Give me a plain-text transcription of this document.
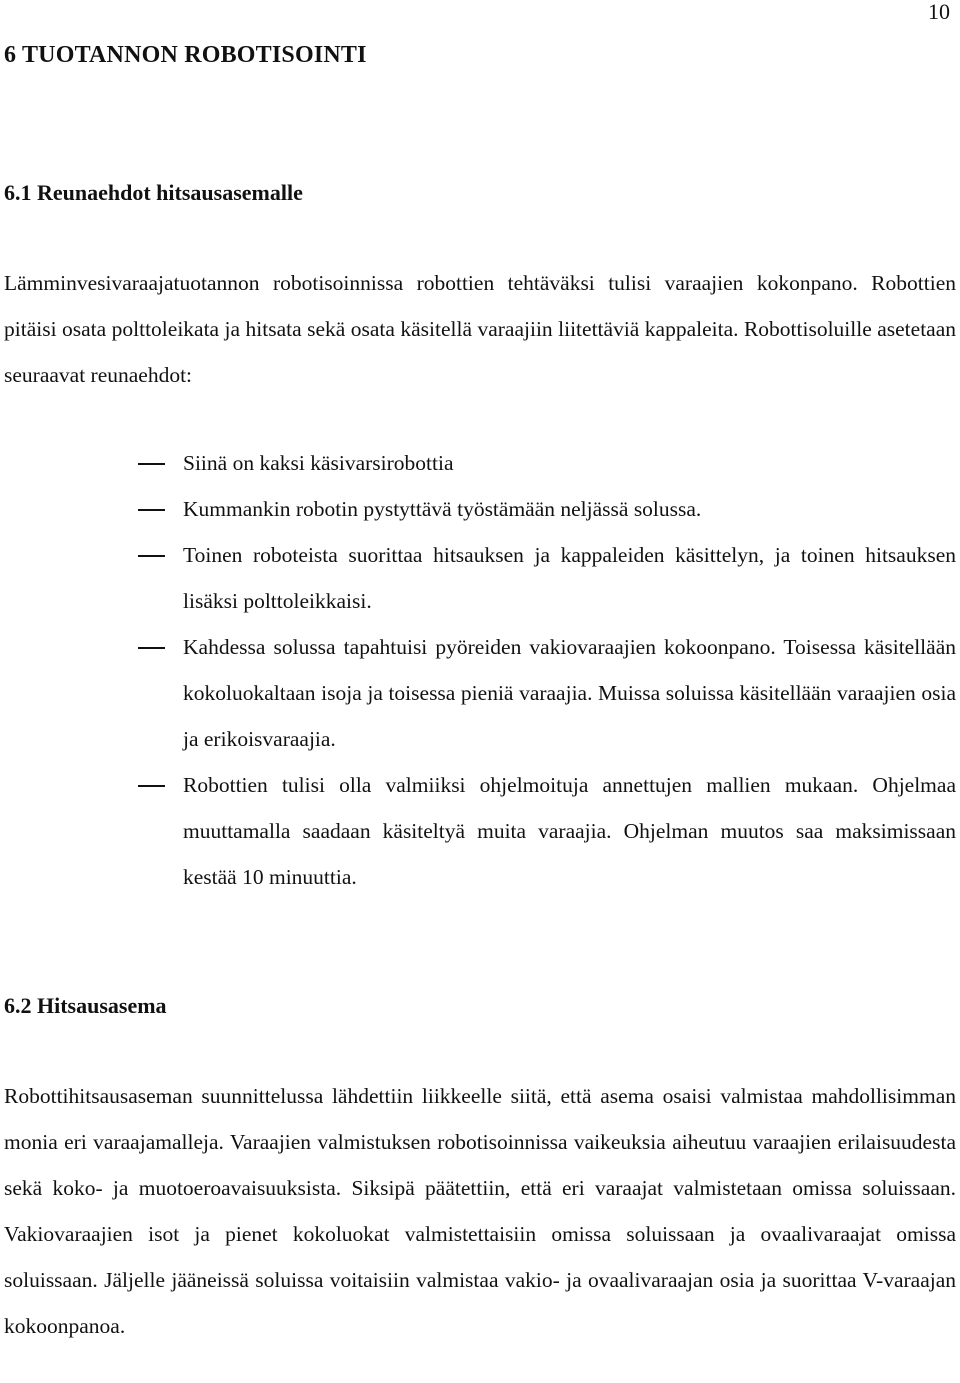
10
6 TUOTANNON ROBOTISOINTI
6.1 Reunaehdot hitsausasemalle

Lämminvesivaraajatuotannon robotisoinnissa robottien tehtäväksi tulisi varaajien kokonpano. Robottien pitäisi osata polttoleikata ja hitsata sekä osata käsitellä varaajiin liitettäviä kappaleita. Robottisoluille asetetaan seuraavat reunaehdot:

Siinä on kaksi käsivarsirobottia
Kummankin robotin pystyttävä työstämään neljässä solussa.
Toinen roboteista suorittaa hitsauksen ja kappaleiden käsittelyn, ja toinen hitsauksen lisäksi polttoleikkaisi.
Kahdessa solussa tapahtuisi pyöreiden vakiovaraajien kokoonpano. Toisessa käsitellään kokoluokaltaan isoja ja toisessa pieniä varaajia. Muissa soluissa käsitellään varaajien osia ja erikoisvaraajia.
Robottien tulisi olla valmiiksi ohjelmoituja annettujen mallien mukaan. Ohjelmaa muuttamalla saadaan käsiteltyä muita varaajia. Ohjelman muutos saa maksimissaan kestää 10 minuuttia.
6.2 Hitsausasema

Robottihitsausaseman suunnittelussa lähdettiin liikkeelle siitä, että asema osaisi valmistaa mahdollisimman monia eri varaajamalleja. Varaajien valmistuksen robotisoinnissa vaikeuksia aiheutuu varaajien erilaisuudesta sekä koko- ja muotoeroavaisuuksista. Siksipä päätettiin, että eri varaajat valmistetaan omissa soluissaan. Vakiovaraajien isot ja pienet kokoluokat valmistettaisiin omissa soluissaan ja ovaalivaraajat omissa soluissaan. Jäljelle jääneissä soluissa voitaisiin valmistaa vakio- ja ovaalivaraajan osia ja suorittaa V-varaajan kokoonpanoa.
